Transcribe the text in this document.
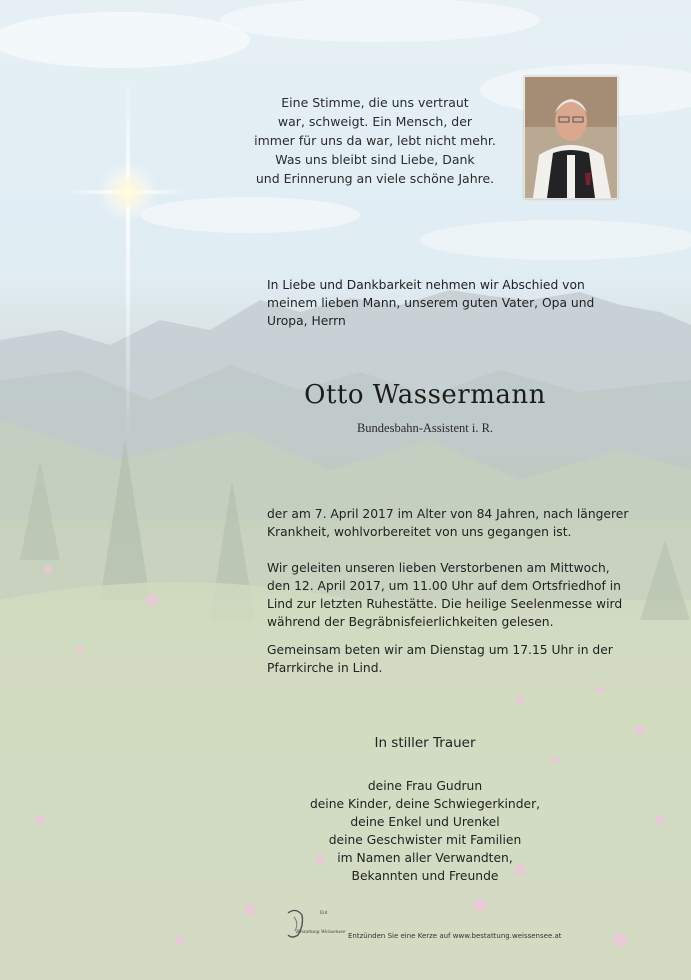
Eine Stimme, die uns vertraut
war, schweigt. Ein Mensch, der
immer für uns da war, lebt nicht mehr.
Was uns bleibt sind Liebe, Dank
und Erinnerung an viele schöne Jahre.
In Liebe und Dankbarkeit nehmen wir Abschied von
meinem lieben Mann, unserem guten Vater, Opa und
Uropa, Herrn
Otto Wassermann
Bundesbahn-Assistent i. R.
der am 7. April 2017 im Alter von 84 Jahren, nach längerer
Krankheit, wohlvorbereitet von uns gegangen ist.
Wir geleiten unseren lieben Verstorbenen am Mittwoch,
den 12. April 2017, um 11.00 Uhr auf dem Ortsfriedhof in
Lind zur letzten Ruhestätte. Die heilige Seelenmesse wird
während der Begräbnisfeierlichkeiten gelesen.
Gemeinsam beten wir am Dienstag um 17.15 Uhr in der
Pfarrkirche in Lind.
In stiller Trauer
deine Frau Gudrun
deine Kinder, deine Schwiegerkinder,
deine Enkel und Urenkel
deine Geschwister mit Familien
im Namen aller Verwandten,
Bekannten und Freunde
Erd
Bestattung Weissensee Entzünden Sie eine Kerze auf www.bestattung.weissensee.at
